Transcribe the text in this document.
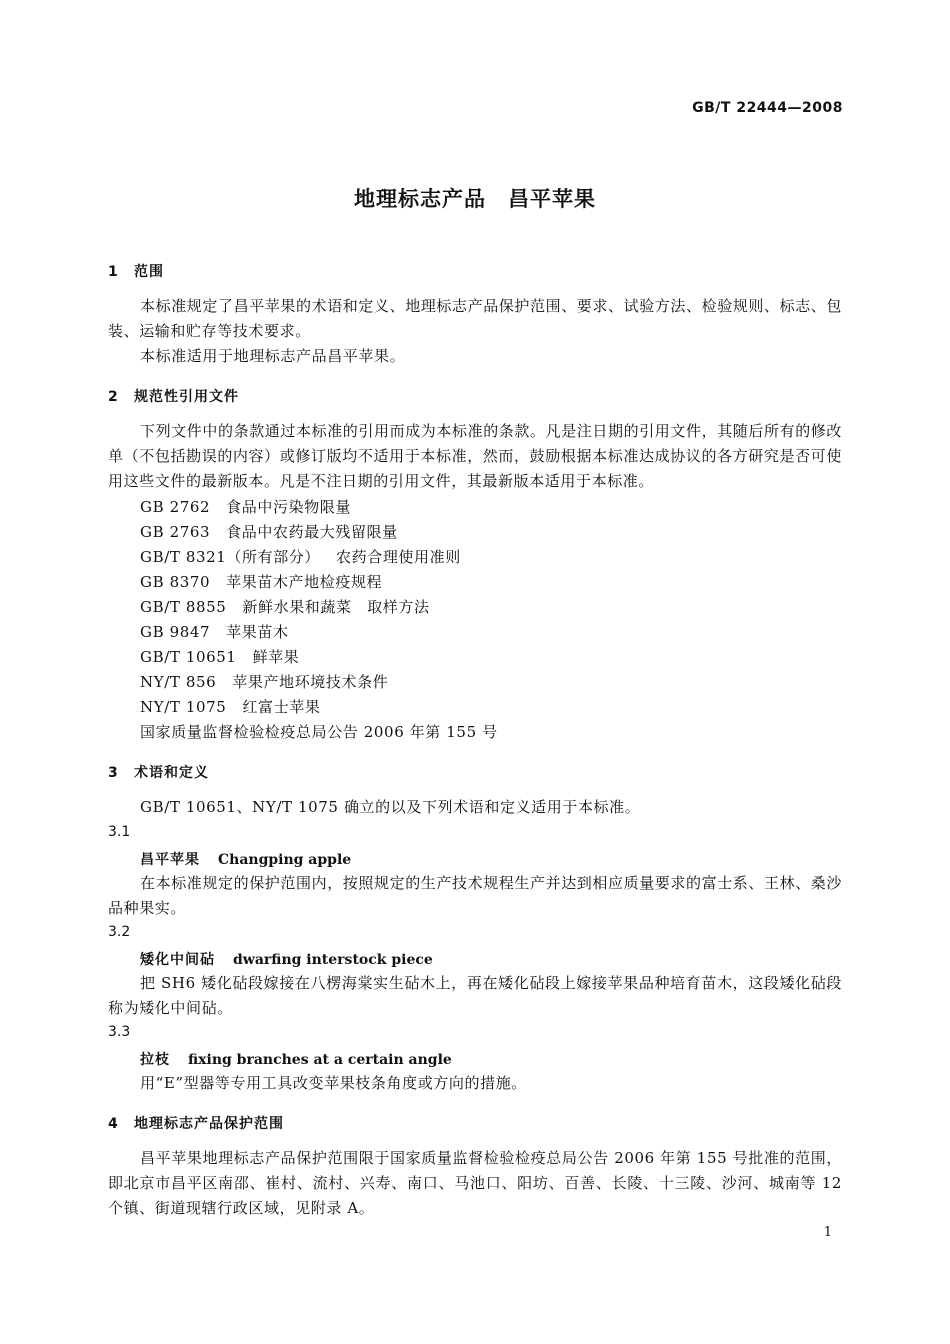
GB/T 22444—2008
地理标志产品　昌平苹果
1 范围
本标准规定了昌平苹果的术语和定义、地理标志产品保护范围、要求、试验方法、检验规则、标志、包装、运输和贮存等技术要求。
本标准适用于地理标志产品昌平苹果。
2 规范性引用文件
下列文件中的条款通过本标准的引用而成为本标准的条款。凡是注日期的引用文件，其随后所有的修改单（不包括勘误的内容）或修订版均不适用于本标准，然而，鼓励根据本标准达成协议的各方研究是否可使用这些文件的最新版本。凡是不注日期的引用文件，其最新版本适用于本标准。
GB 2762 食品中污染物限量
GB 2763 食品中农药最大残留限量
GB/T 8321（所有部分） 农药合理使用准则
GB 8370 苹果苗木产地检疫规程
GB/T 8855 新鲜水果和蔬菜　取样方法
GB 9847 苹果苗木
GB/T 10651 鲜苹果
NY/T 856 苹果产地环境技术条件
NY/T 1075 红富士苹果
国家质量监督检验检疫总局公告 2006 年第 155 号
3 术语和定义
GB/T 10651、NY/T 1075 确立的以及下列术语和定义适用于本标准。
3.1
昌平苹果 Changping apple
在本标准规定的保护范围内，按照规定的生产技术规程生产并达到相应质量要求的富士系、王林、桑沙品种果实。
3.2
矮化中间砧 dwarfing interstock piece
把 SH6 矮化砧段嫁接在八楞海棠实生砧木上，再在矮化砧段上嫁接苹果品种培育苗木，这段矮化砧段称为矮化中间砧。
3.3
拉枝 fixing branches at a certain angle
用“E”型器等专用工具改变苹果枝条角度或方向的措施。
4 地理标志产品保护范围
昌平苹果地理标志产品保护范围限于国家质量监督检验检疫总局公告 2006 年第 155 号批准的范围，即北京市昌平区南邵、崔村、流村、兴寿、南口、马池口、阳坊、百善、长陵、十三陵、沙河、城南等 12 个镇、街道现辖行政区域，见附录 A。
1
